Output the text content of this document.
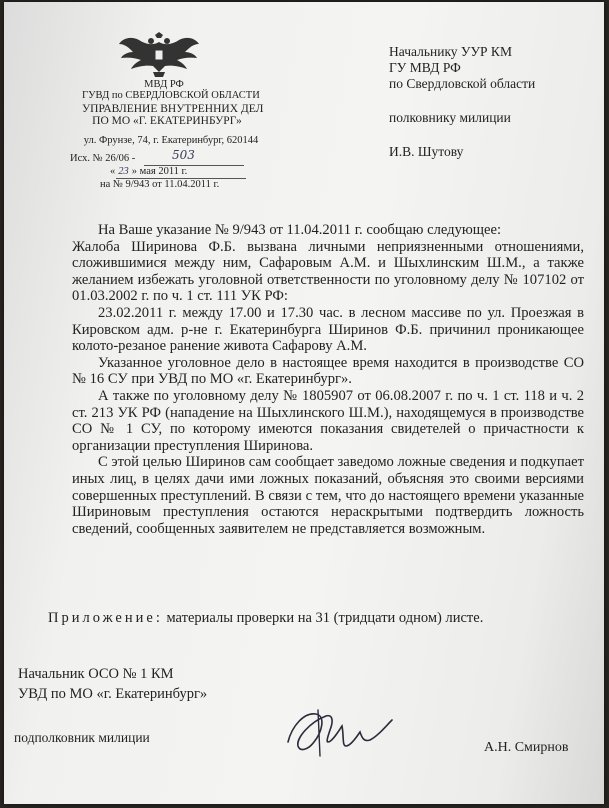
МВД РФ
ГУВД по СВЕРДЛОВСКОЙ ОБЛАСТИ
УПРАВЛЕНИЕ ВНУТРЕННИХ ДЕЛ
ПО МО «Г. ЕКАТЕРИНБУРГ»
ул. Фрунзе, 74, г. Екатеринбург, 620144
Исх. № 26/06 -	503
« 23 » мая 2011 г.
на № 9/943 от 11.04.2011 г.
Начальнику УУР КМ
ГУ МВД РФ
по Свердловской области
полковнику милиции
И.В. Шутову

На Ваше указание № 9/943 от 11.04.2011 г. сообщаю следующее:

Жалоба Ширинова Ф.Б. вызвана личными неприязненными отношениями, сложившимися между ним, Сафаровым А.М. и Шыхлинским Ш.М., а также желанием избежать уголовной ответственности по уголовному делу № 107102 от 01.03.2002 г. по ч. 1 ст. 111 УК РФ:

23.02.2011 г. между 17.00 и 17.30 час. в лесном массиве по ул. Проезжая в Кировском адм. р-не г. Екатеринбурга Ширинов Ф.Б. причинил проникающее колото-резаное ранение живота Сафарову А.М.

Указанное уголовное дело в настоящее время находится в производстве СО № 16 СУ при УВД по МО «г. Екатеринбург».

А также по уголовному делу № 1805907 от 06.08.2007 г. по ч. 1 ст. 118 и ч. 2 ст. 213 УК РФ (нападение на Шыхлинского Ш.М.), находящемуся в производстве СО № 1 СУ, по которому имеются показания свидетелей о причастности к организации преступления Ширинова.

С этой целью Ширинов сам сообщает заведомо ложные сведения и подкупает иных лиц, в целях дачи ими ложных показаний, объясняя это своими версиями совершенных преступлений. В связи с тем, что до настоящего времени указанные Шириновым преступления остаются нераскрытыми подтвердить ложность сведений, сообщенных заявителем не представляется возможным.

Приложение: материалы проверки на 31 (тридцати одном) листе.
Начальник ОСО № 1 КМ
УВД по МО «г. Екатеринбург»
подполковник милиции
А.Н. Смирнов
